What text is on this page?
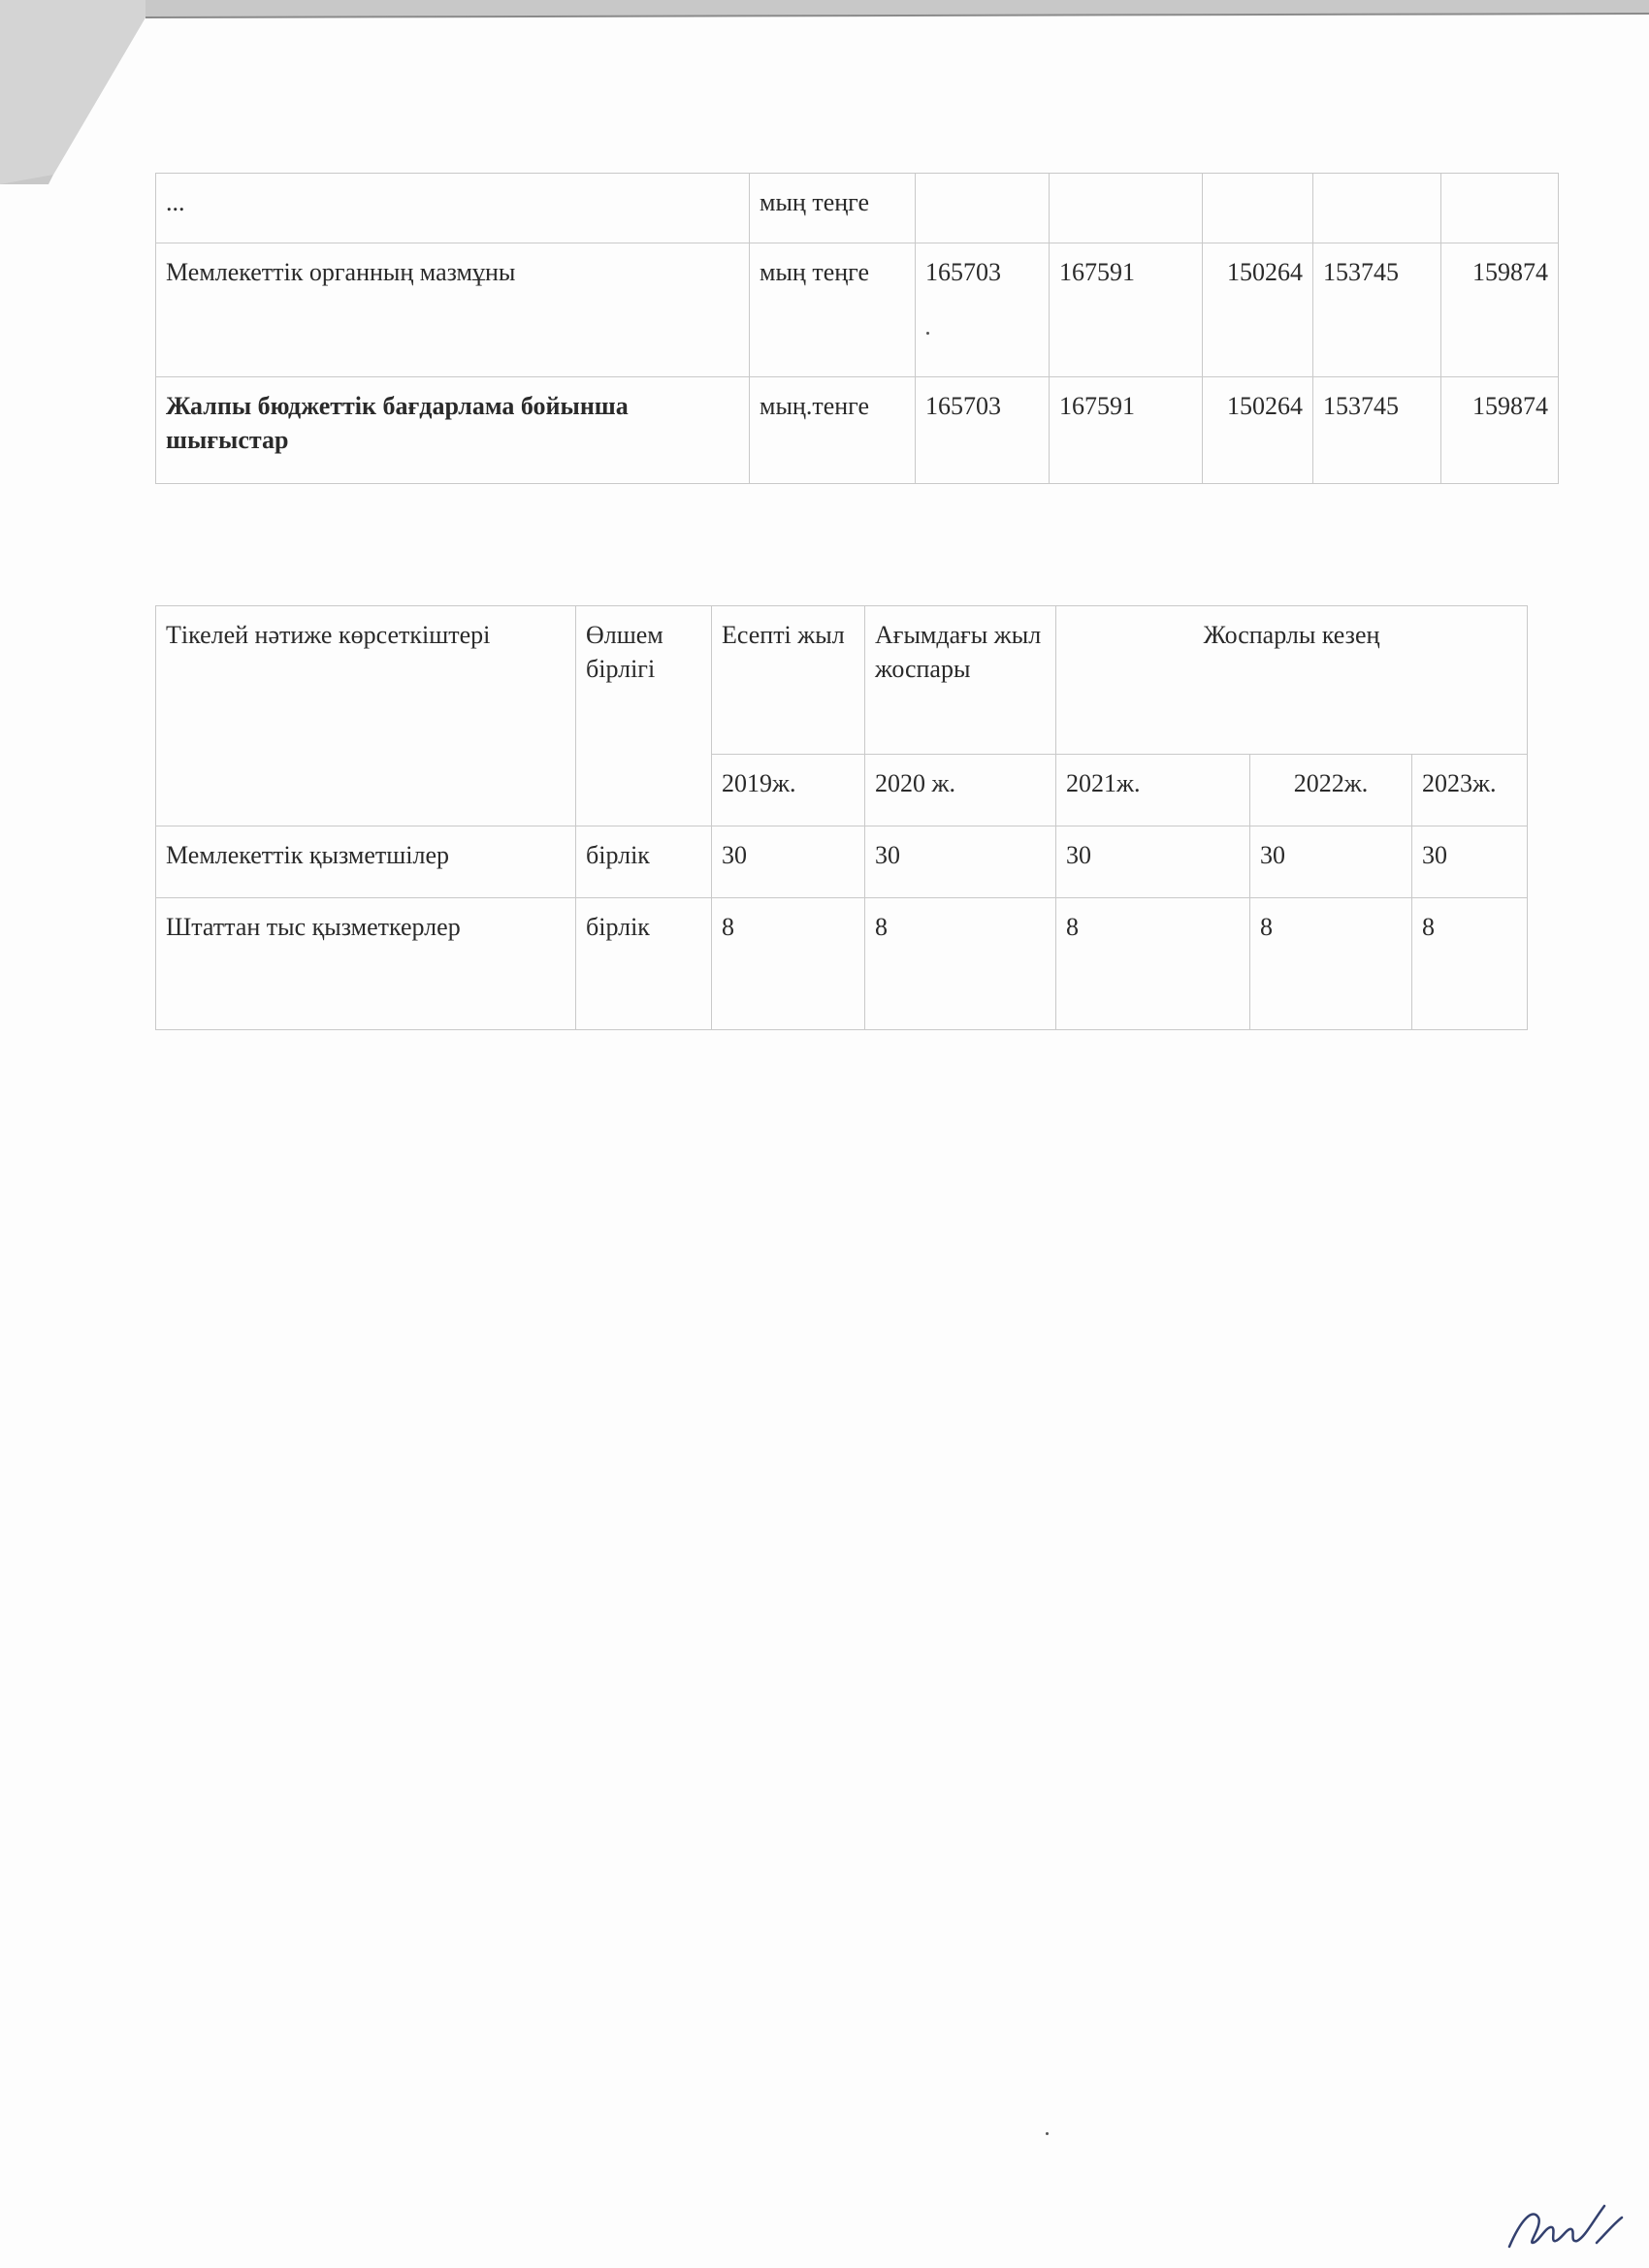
...	мың теңге					
Мемлекеттік органның мазмұны	мың теңге	165703	167591	150264	153745	159874
Жалпы бюджеттік бағдарлама бойынша шығыстар	мың.тенге	165703	167591	150264	153745	159874
Тікелей нәтиже көрсеткіштері	Өлшем бірлігі	Есепті жыл	Ағымдағы жыл жоспары	Жоспарлы кезең		
		2019ж.	2020 ж.	2021ж.	2022ж.	2023ж.
Мемлекеттік қызметшілер	бірлік	30	30	30	30	30
Штаттан тыс қызметкерлер	бірлік	8	8	8	8	8
